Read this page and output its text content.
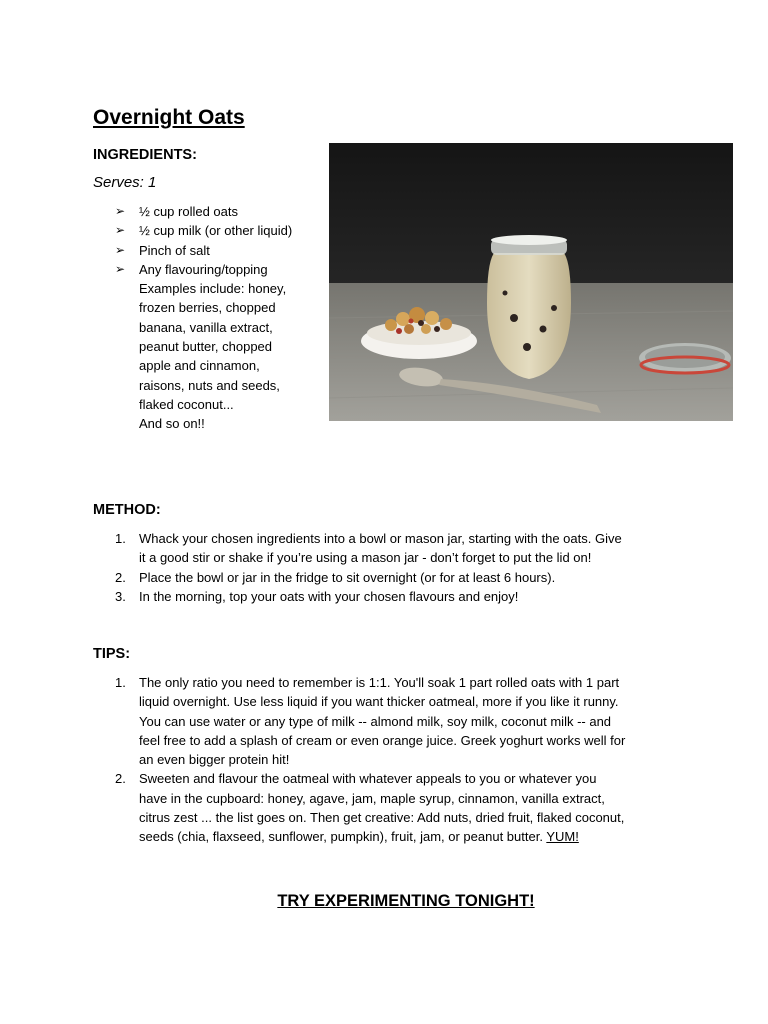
Overnight Oats
INGREDIENTS:

Serves: 1

➢ ½ cup rolled oats
➢ ½ cup milk (or other liquid)
➢ Pinch of salt
➢ Any flavouring/topping
Examples include: honey,
frozen berries, chopped
banana, vanilla extract,
peanut butter, chopped
apple and cinnamon,
raisons, nuts and seeds,
flaked coconut...
And so on!!
METHOD:
1. Whack your chosen ingredients into a bowl or mason jar, starting with the oats. Give
it a good stir or shake if you’re using a mason jar - don’t forget to put the lid on!
2. Place the bowl or jar in the fridge to sit overnight (or for at least 6 hours).
3. In the morning, top your oats with your chosen flavours and enjoy!
TIPS:
1. The only ratio you need to remember is 1:1. You'll soak 1 part rolled oats with 1 part
liquid overnight. Use less liquid if you want thicker oatmeal, more if you like it runny.
You can use water or any type of milk -- almond milk, soy milk, coconut milk -- and
feel free to add a splash of cream or even orange juice. Greek yoghurt works well for
an even bigger protein hit!
2. Sweeten and flavour the oatmeal with whatever appeals to you or whatever you
have in the cupboard: honey, agave, jam, maple syrup, cinnamon, vanilla extract,
citrus zest ... the list goes on. Then get creative: Add nuts, dried fruit, flaked coconut,
seeds (chia, flaxseed, sunflower, pumpkin), fruit, jam, or peanut butter. YUM!

TRY EXPERIMENTING TONIGHT!
